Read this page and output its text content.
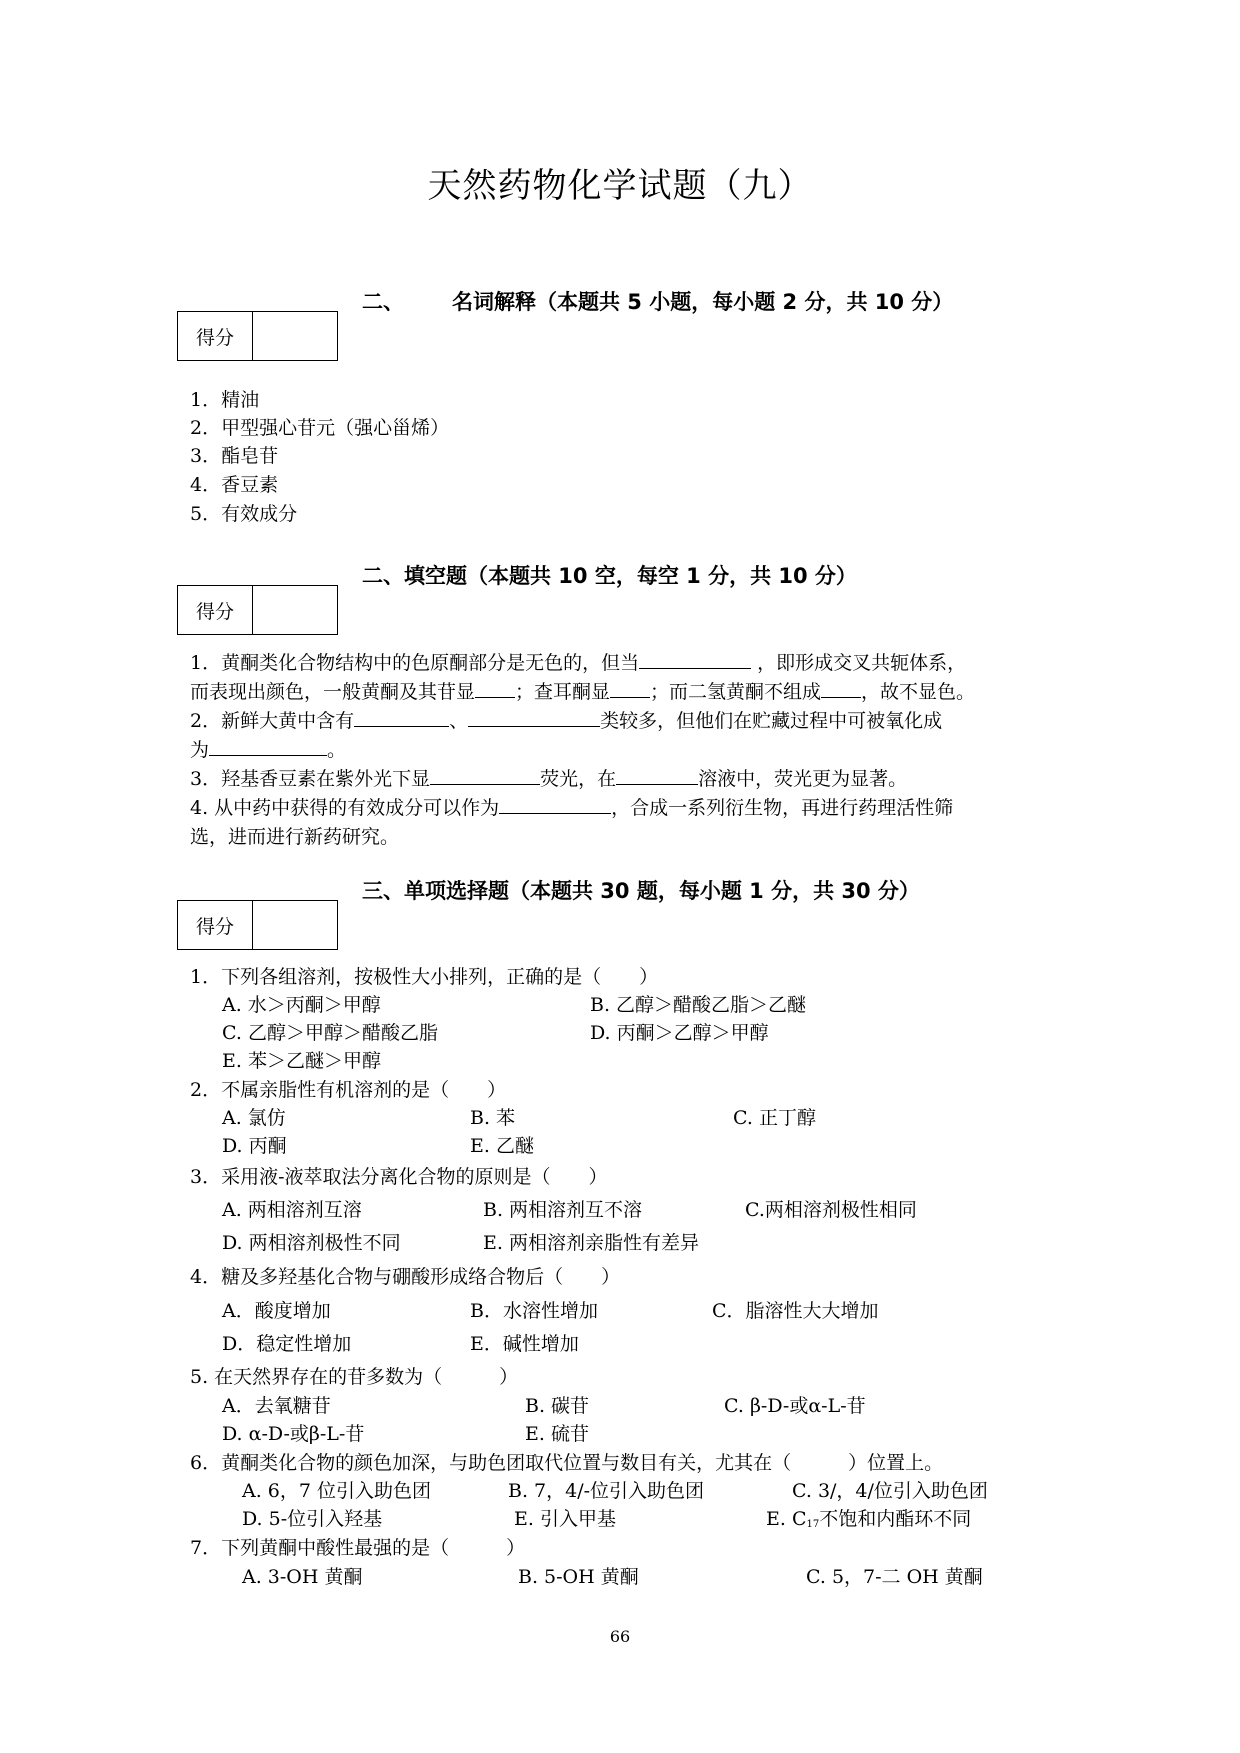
天然药物化学试题（九）
二、 名词解释（本题共 5 小题，每小题 2 分，共 10 分）
得分
1．精油
2．甲型强心苷元（强心甾烯）
3．酯皂苷
4．香豆素
5．有效成分
二、填空题（本题共 10 空，每空 1 分，共 10 分）
得分
1．黄酮类化合物结构中的色原酮部分是无色的，但当	，即形成交叉共轭体系，
而表现出颜色，一般黄酮及其苷显 ；查耳酮显 ；而二氢黄酮不组成 ，故不显色。
2．新鲜大黄中含有	、	类较多，但他们在贮藏过程中可被氧化成
为	。
3．羟基香豆素在紫外光下显	荧光，在	溶液中，荧光更为显著。
4. 从中药中获得的有效成分可以作为	，合成一系列衍生物，再进行药理活性筛
选，进而进行新药研究。
三、单项选择题（本题共 30 题，每小题 1 分，共 30 分）
得分
1．下列各组溶剂，按极性大小排列，正确的是（　　）
A. 水＞丙酮＞甲醇	B. 乙醇＞醋酸乙脂＞乙醚
C. 乙醇＞甲醇＞醋酸乙脂	D. 丙酮＞乙醇＞甲醇
E. 苯＞乙醚＞甲醇
2．不属亲脂性有机溶剂的是（　　）
A. 氯仿	B. 苯	C. 正丁醇
D. 丙酮	E. 乙醚
3．采用液-液萃取法分离化合物的原则是（　　）
A. 两相溶剂互溶	B. 两相溶剂互不溶	C.两相溶剂极性相同
D. 两相溶剂极性不同	E. 两相溶剂亲脂性有差异
4．糖及多羟基化合物与硼酸形成络合物后（　　）
A．酸度增加	B．水溶性增加	C．脂溶性大大增加
D．稳定性增加	E．碱性增加
5. 在天然界存在的苷多数为（　　　）
A．去氧糖苷	B. 碳苷	C. β-D-或α-L-苷
D. α-D-或β-L-苷	E. 硫苷
6．黄酮类化合物的颜色加深，与助色团取代位置与数目有关，尤其在（　　　）位置上。
A. 6，7 位引入助色团	B. 7，4/-位引入助色团	C. 3/，4/位引入助色团
D. 5-位引入羟基	E. 引入甲基	E. $C_{17}$不饱和内酯环不同
7．下列黄酮中酸性最强的是（　　　）
A. 3-OH 黄酮	B. 5-OH 黄酮	C. 5，7-二 OH 黄酮
66
